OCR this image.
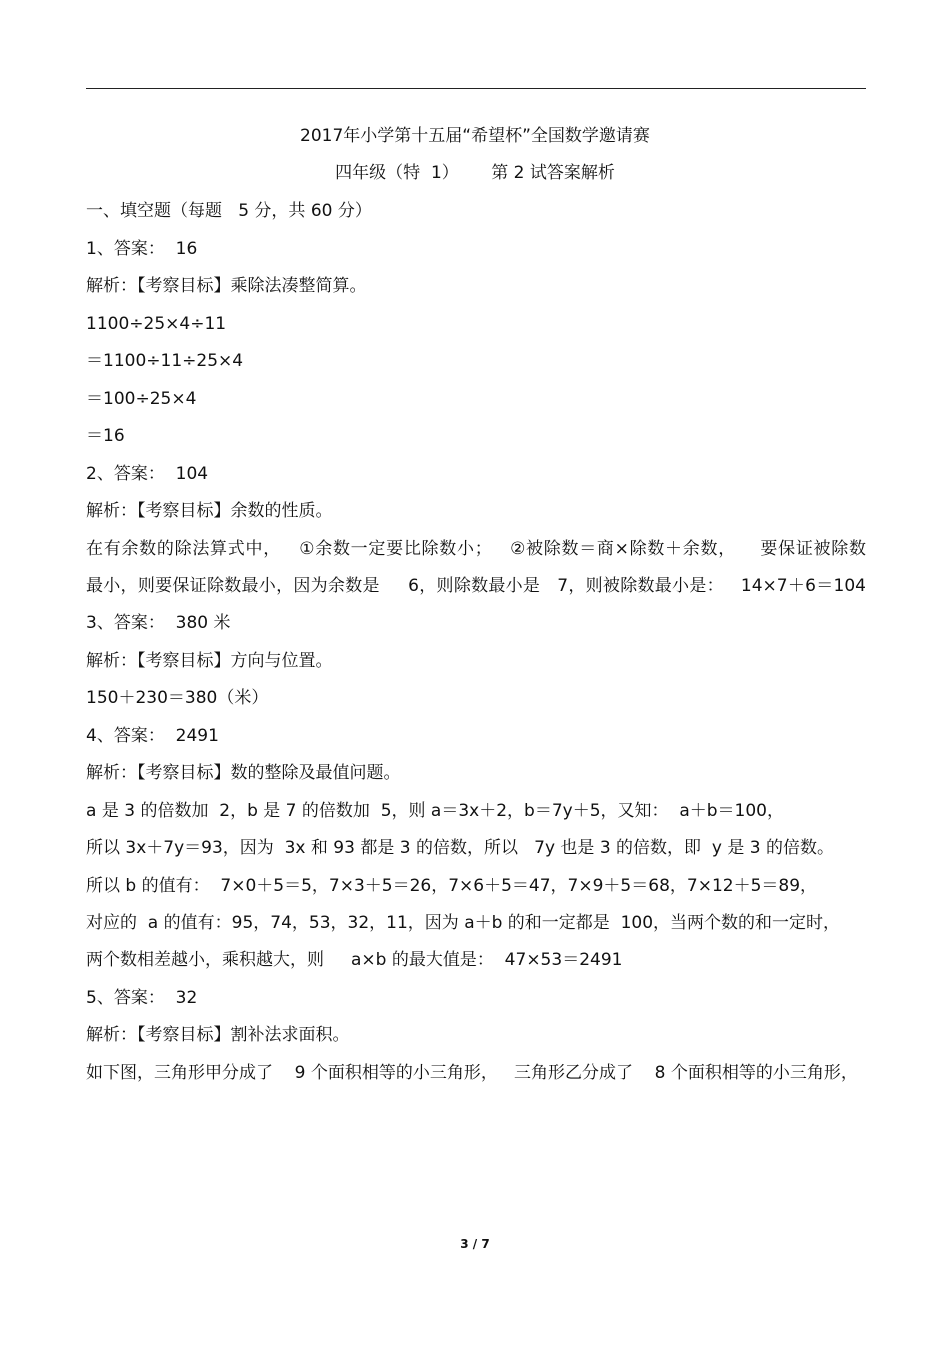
2017年小学第十五届“希望杯”全国数学邀请赛
四年级（特  1）      第 2 试答案解析
一、填空题（每题   5 分，共 60 分）
1、答案：  16
解析：【考察目标】乘除法凑整简算。
1100÷25×4÷11
＝1100÷11÷25×4
＝100÷25×4
＝16
2、答案：  104
解析：【考察目标】余数的性质。
在有余数的除法算式中，   ①余数一定要比除数小；   ②被除数＝商×除数＋余数，    要保证被除数
最小，则要保证除数最小，因为余数是     6，则除数最小是   7，则被除数最小是：   14×7＋6＝104
3、答案：  380 米
解析：【考察目标】方向与位置。
150＋230＝380（米）
4、答案：  2491
解析：【考察目标】数的整除及最值问题。
a 是 3 的倍数加  2，b 是 7 的倍数加  5，则 a＝3x＋2，b＝7y＋5，又知：  a＋b＝100，
所以 3x＋7y＝93，因为  3x 和 93 都是 3 的倍数，所以   7y 也是 3 的倍数，即  y 是 3 的倍数。
所以 b 的值有：  7×0＋5＝5，7×3＋5＝26，7×6＋5＝47，7×9＋5＝68，7×12＋5＝89，
对应的  a 的值有：95，74，53，32，11，因为 a＋b 的和一定都是  100，当两个数的和一定时，
两个数相差越小，乘积越大，则     a×b 的最大值是：  47×53＝2491
5、答案：  32
解析：【考察目标】割补法求面积。
如下图，三角形甲分成了    9 个面积相等的小三角形，   三角形乙分成了    8 个面积相等的小三角形，
3 / 7
